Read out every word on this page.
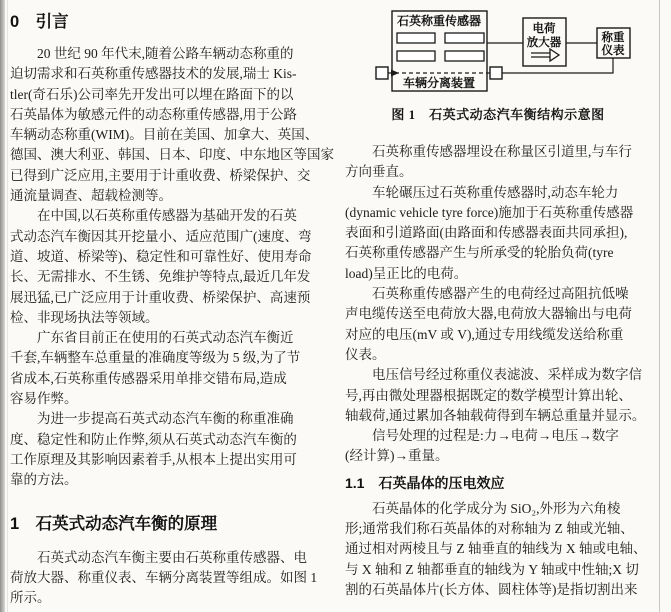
0　引言
20 世纪 90 年代末,随着公路车辆动态称重的
迫切需求和石英称重传感器技术的发展,瑞士 Kis-
tler(奇石乐)公司率先开发出可以埋在路面下的以
石英晶体为敏感元件的动态称重传感器,用于公路
车辆动态称重(WIM)。目前在美国、加拿大、英国、
德国、澳大利亚、韩国、日本、印度、中东地区等国家
已得到广泛应用,主要用于计重收费、桥梁保护、交
通流量调查、超载检测等。
在中国,以石英称重传感器为基础开发的石英
式动态汽车衡因其开挖量小、适应范围广(速度、弯
道、坡道、桥梁等)、稳定性和可靠性好、使用寿命
长、无需排水、不生锈、免维护等特点,最近几年发
展迅猛,已广泛应用于计重收费、桥梁保护、高速预
检、非现场执法等领域。
广东省目前正在使用的石英式动态汽车衡近
千套,车辆整车总重量的准确度等级为 5 级,为了节
省成本,石英称重传感器采用单排交错布局,造成
容易作弊。
为进一步提高石英式动态汽车衡的称重准确
度、稳定性和防止作弊,须从石英式动态汽车衡的
工作原理及其影响因素着手,从根本上提出实用可
靠的方法。
1　石英式动态汽车衡的原理
石英式动态汽车衡主要由石英称重传感器、电
荷放大器、称重仪表、车辆分离装置等组成。如图 1
所示。
石英称重传感器
车辆分离装置
电荷
放大器	称重
仪表
图 1　石英式动态汽车衡结构示意图
石英称重传感器埋设在称量区引道里,与车行
方向垂直。
车轮碾压过石英称重传感器时,动态车轮力
(dynamic vehicle tyre force)施加于石英称重传感器
表面和引道路面(由路面和传感器表面共同承担),
石英称重传感器产生与所承受的轮胎负荷(tyre
load)呈正比的电荷。
石英称重传感器产生的电荷经过高阻抗低噪
声电缆传送至电荷放大器,电荷放大器输出与电荷
对应的电压(mV 或 V),通过专用线缆发送给称重
仪表。
电压信号经过称重仪表滤波、采样成为数字信
号,再由微处理器根据既定的数学模型计算出轮、
轴载荷,通过累加各轴载荷得到车辆总重量并显示。
信号处理的过程是:力→电荷→电压→数字
(经计算)→重量。
1.1　石英晶体的压电效应
石英晶体的化学成分为 SiO₂,外形为六角棱
形;通常我们称石英晶体的对称轴为 Z 轴或光轴、
通过相对两棱且与 Z 轴垂直的轴线为 X 轴或电轴、
与 X 轴和 Z 轴都垂直的轴线为 Y 轴或中性轴;X 切
割的石英晶体片(长方体、圆柱体等)是指切割出来
